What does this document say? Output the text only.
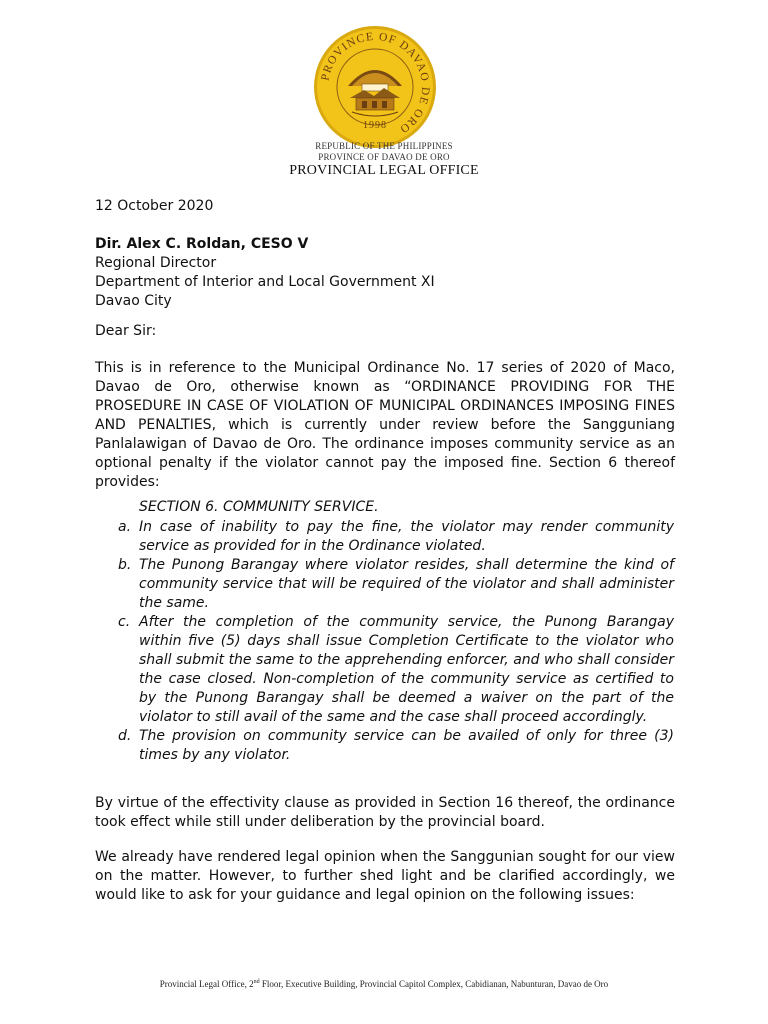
PROVINCE OF DAVAO DE ORO
1998
REPUBLIC OF THE PHILIPPINES
PROVINCE OF DAVAO DE ORO
PROVINCIAL LEGAL OFFICE
12 October 2020
Dir. Alex C. Roldan, CESO V
Regional Director
Department of Interior and Local Government XI
Davao City
Dear Sir:
This is in reference to the Municipal Ordinance No. 17 series of 2020 of Maco, Davao de Oro, otherwise known as “ORDINANCE PROVIDING FOR THE PROSEDURE IN CASE OF VIOLATION OF MUNICIPAL ORDINANCES IMPOSING FINES AND PENALTIES, which is currently under review before the Sangguniang Panlalawigan of Davao de Oro. The ordinance imposes community service as an optional penalty if the violator cannot pay the imposed fine. Section 6 thereof provides:
SECTION 6. COMMUNITY SERVICE.
a. In case of inability to pay the fine, the violator may render community service as provided for in the Ordinance violated.
b. The Punong Barangay where violator resides, shall determine the kind of community service that will be required of the violator and shall administer the same.
c. After the completion of the community service, the Punong Barangay within five (5) days shall issue Completion Certificate to the violator who shall submit the same to the apprehending enforcer, and who shall consider the case closed. Non-completion of the community service as certified to by the Punong Barangay shall be deemed a waiver on the part of the violator to still avail of the same and the case shall proceed accordingly.
d. The provision on community service can be availed of only for three (3) times by any violator.
By virtue of the effectivity clause as provided in Section 16 thereof, the ordinance took effect while still under deliberation by the provincial board.
We already have rendered legal opinion when the Sanggunian sought for our view on the matter. However, to further shed light and be clarified accordingly, we would like to ask for your guidance and legal opinion on the following issues:
Provincial Legal Office, 2nd Floor, Executive Building, Provincial Capitol Complex, Cabidianan, Nabunturan, Davao de Oro
